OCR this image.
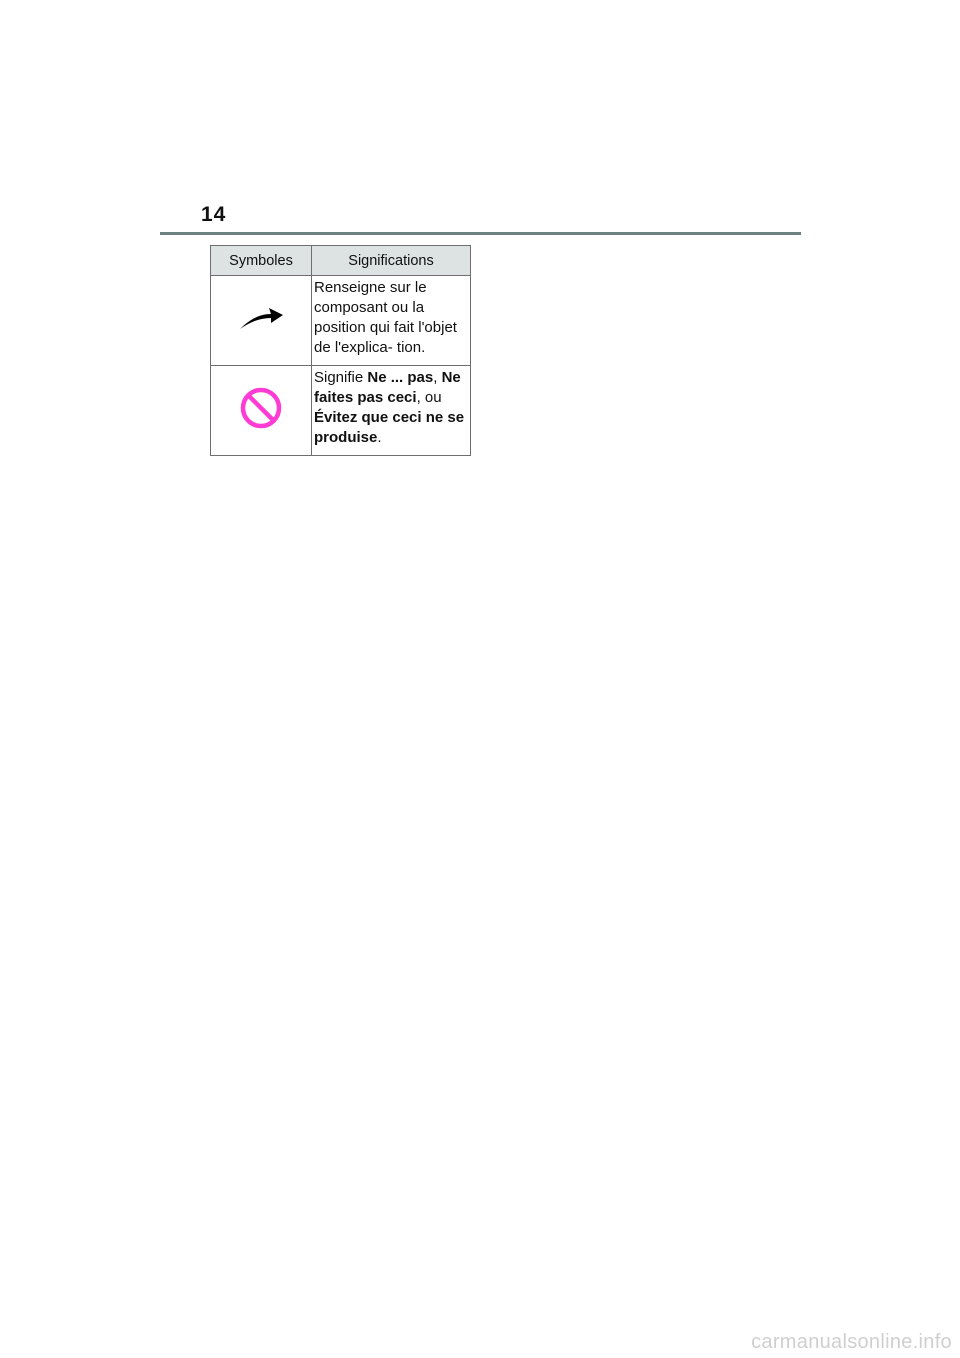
14
Symboles	Significations
	Renseigne sur le composant ou la position qui fait l'objet de l'explica- tion.
	Signifie Ne ... pas, Ne faites pas ceci, ou Évitez que ceci ne se produise.
carmanualsonline.info
